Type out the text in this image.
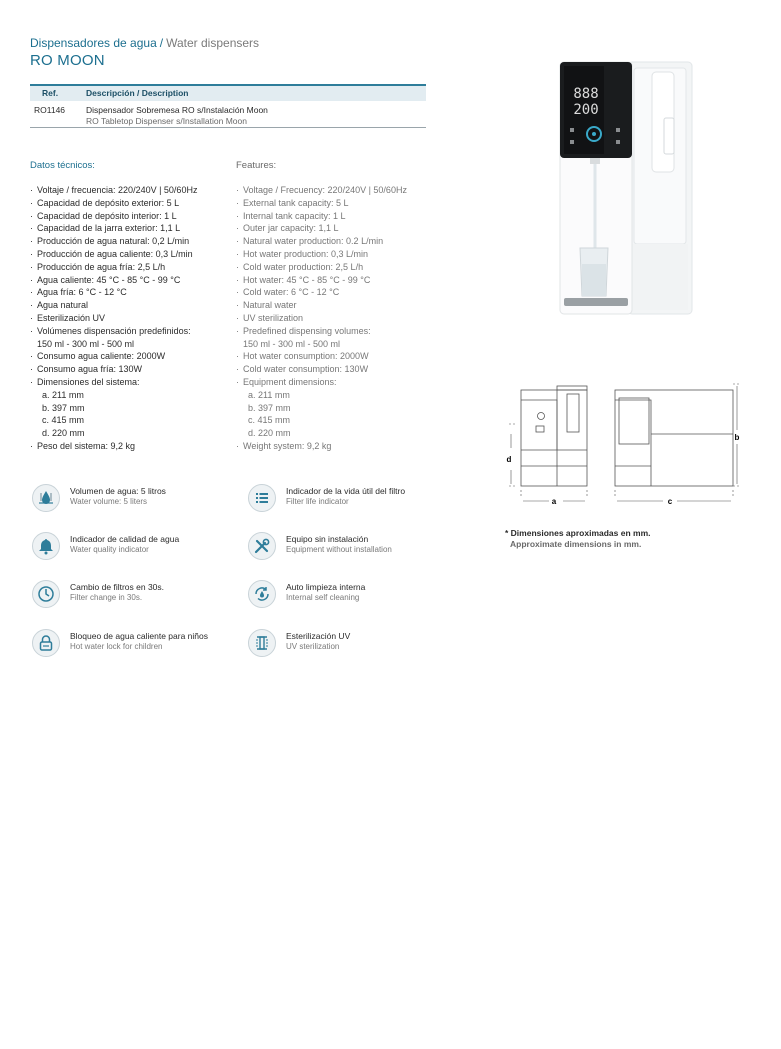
Dispensadores de agua / Water dispensers
RO MOON
Ref.	Descripción / Description
RO1146 Dispensador Sobremesa RO s/Instalación Moon
RO Tabletop Dispenser s/Installation Moon
Datos técnicos:	Features:
· Voltaje / frecuencia: 220/240V | 50/60Hz
· Capacidad de depósito exterior: 5 L
· Capacidad de depósito interior: 1 L
· Capacidad de la jarra exterior: 1,1 L
· Producción de agua natural: 0,2 L/min
· Producción de agua caliente: 0,3 L/min
· Producción de agua fría: 2,5 L/h
· Agua caliente: 45 °C - 85 °C - 99 °C
· Agua fría: 6 °C - 12 °C
· Agua natural
· Esterilización UV
· Volúmenes dispensación predefinidos:
150 ml - 300 ml - 500 ml
· Consumo agua caliente: 2000W
· Consumo agua fría: 130W
· Dimensiones del sistema:
a. 211 mm
b. 397 mm
c. 415 mm
d. 220 mm
· Peso del sistema: 9,2 kg
· Voltage / Frecuency: 220/240V | 50/60Hz
· External tank capacity: 5 L
· Internal tank capacity: 1 L
· Outer jar capacity: 1,1 L
· Natural water production: 0.2 L/min
· Hot water production: 0,3 L/min
· Cold water production: 2,5 L/h
· Hot water: 45 °C - 85 °C - 99 °C
· Cold water: 6 °C - 12 °C
· Natural water
· UV sterilization
· Predefined dispensing volumes:
150 ml - 300 ml - 500 ml
· Hot water consumption: 2000W
· Cold water consumption: 130W
· Equipment dimensions:
a. 211 mm
b. 397 mm
c. 415 mm
d. 220 mm
· Weight system: 9,2 kg
Volumen de agua: 5 litros
Water volume: 5 liters
Indicador de la vida útil del filtro
Filter life indicator
Indicador de calidad de agua
Water quality indicator
Equipo sin instalación
Equipment without installation
Cambio de filtros en 30s.
Filter change in 30s.
Auto limpieza interna
Internal self cleaning
Bloqueo de agua caliente para niños
Hot water lock for children
Esterilización UV
UV sterilization
888
200
a
b
c
d
* Dimensiones aproximadas en mm.
Approximate dimensions in mm.
